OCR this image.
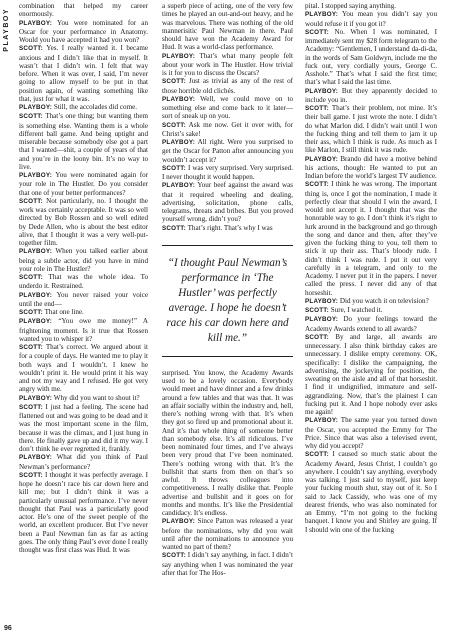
PLAYBOY
96

combination that helped my career enormously.

PLAYBOY: You were nominated for an Oscar for your performance in Anatomy. Would you have accepted it had you won?

SCOTT: Yes. I really wanted it. I became anxious and I didn’t like that in myself. It wasn’t that I didn’t win. I felt that way before. When it was over, I said, I’m never going to allow myself to be put in that position again, of wanting something like that, just for what it was.

PLAYBOY: Still, the accolades did come.

SCOTT: That’s one thing; but wanting them is something else. Wanting them is a whole different ball game. And being uptight and miserable because somebody else got a part that I wanted—shit, a couple of years of that and you’re in the loony bin. It’s no way to live.

PLAYBOY: You were nominated again for your role in The Hustler. Do you consider that one of your better performances?

SCOTT: Not particularly, no. I thought the work was certainly acceptable. It was so well directed by Bob Rossen and so well edited by Dede Allen, who is about the best editor alive, that I thought it was a very well-put-together film.

PLAYBOY: When you talked earlier about being a subtle actor, did you have in mind your role in The Hustler?

SCOTT: That was the whole idea. To underdo it. Restrained.

PLAYBOY: You never raised your voice until the end—

SCOTT: That one line.

PLAYBOY: “You owe me money!” A frightening moment. Is it true that Rossen wanted you to whisper it?

SCOTT: That’s correct. We argued about it for a couple of days. He wanted me to play it both ways and I wouldn’t. I knew he wouldn’t print it. He would print it his way and not my way and I refused. He got very angry with me.

PLAYBOY: Why did you want to shout it?

SCOTT: I just had a feeling. The scene had flattened out and was going to be dead and it was the most important scene in the film, because it was the climax, and I just hung in there. He finally gave up and did it my way. I don’t think he ever regretted it, frankly.

PLAYBOY: What did you think of Paul Newman’s performance?

SCOTT: I thought it was perfectly average. I hope he doesn’t race his car down here and kill me; but I didn’t think it was a particularly unusual performance. I’ve never thought that Paul was a particularly good actor. He’s one of the sweet people of the world, an excellent producer. But I’ve never been a Paul Newman fan as far as acting goes. The only thing Paul’s ever done I really thought was first class was Hud. It was

a superb piece of acting, one of the very few times he played an out-and-out heavy, and he was marvelous. There was nothing of the old mannerisitic Paul Newman in there. Paul should have won the Academy Award for Hud. It was a world-class performance.

PLAYBOY: That’s what many people felt about your work in The Hustler. How trivial is it for you to discuss the Oscars?

SCOTT: Just as trivial as any of the rest of those horrible old clichés.

PLAYBOY: Well, we could move on to something else and come back to it later—sort of sneak up on you.

SCOTT: Ask me now. Get it over with, for Christ’s sake!

PLAYBOY: All right. Were you surprised to get the Oscar for Patton after announcing you wouldn’t accept it?

SCOTT: I was very surprised. Very surprised. I never thought it would happen.

PLAYBOY: Your beef against the award was that it required wheeling and dealing, advertising, solicitation, phone calls, telegrams, threats and bribes. But you proved yourself wrong, didn’t you?

SCOTT: That’s right. That’s why I was

“I thought Paul Newman’s performance in ‘The Hustler’ was perfectly average. I hope he doesn’t race his car down here and kill me.”

surprised. You know, the Academy Awards used to be a lovely occasion. Everybody would meet and have dinner and a few drinks around a few tables and that was that. It was an affair socially within the industry and, hell, there’s nothing wrong with that. It’s when they got so fired up and promotional about it. And it’s that whole thing of someone better than somebody else. It’s all ridiculous. I’ve been nominated four times, and I’ve always been very proud that I’ve been nominated. There’s nothing wrong with that. It’s the bullshit that starts from then on that’s so awful. It throws colleagues into competitiveness. I really dislike that. People advertise and bullshit and it goes on for months and months. It’s like the Presidential candidacy. It’s endless.

PLAYBOY: Since Patton was released a year before the nominations, why did you wait until after the nominations to announce you wanted no part of them?

SCOTT: I didn’t say anything, in fact. I didn’t say anything when I was nominated the year after that for The Hos-

pital. I stopped saying anything.

PLAYBOY: You mean you didn’t say you would refuse it if you got it?

SCOTT: No. When I was nominated, I immediately sent my $28 form telegram to the Academy: “Gentlemen, I understand da-di-da, in the words of Sam Goldwyn, include me the fuck out, very cordially yours, George C. Asshole.” That’s what I said the first time; that’s what I said the last time.

PLAYBOY: But they apparently decided to include you in.

SCOTT: That’s their problem, not mine. It’s their ball game. I just wrote the note. I didn’t do what Marlon did. I didn’t wait until I won the fucking thing and tell them to jam it up their ass, which I think is rude. As much as I like Marlon, I still think it was rude.

PLAYBOY: Brando did have a motive behind his actions, though: He wanted to put an Indian before the world’s largest TV audience.

SCOTT: I think he was wrong. The important thing is, once I got the nomination, I made it perfectly clear that should I win the award, I would not accept it. I thought that was the honorable way to go. I don’t think it’s right to lurk around in the background and go through the song and dance and then, after they’ve given the fucking thing to you, tell them to stick it up their ass. That’s bloody rude. I didn’t think I was rude. I put it out very carefully in a telegram, and only to the Academy. I never put it in the papers. I never called the press. I never did any of that horseshit.

PLAYBOY: Did you watch it on television?

SCOTT: Sure, I watched it.

PLAYBOY: Do your feelings toward the Academy Awards extend to all awards?

SCOTT: By and large, all awards are unnecessary. I also think birthday cakes are unnecessary. I dislike empty ceremony. OK, specifically: I dislike the campaigning, the advertising, the jockeying for position, the sweating on the aisle and all of that horseshit. I find it undignified, immature and self-aggrandizing. Now, that’s the plainest I can fucking put it. And I hope nobody ever asks me again!

PLAYBOY: The same year you turned down the Oscar, you accepted the Emmy for The Price. Since that was also a televised event, why did you accept?

SCOTT: I caused so much static about the Academy Award, Jesus Christ, I couldn’t go anywhere. I couldn’t say anything, everybody was talking. I just said to myself, just keep your fucking mouth shut, stay out of it. So I said to Jack Cassidy, who was one of my dearest friends, who was also nominated for an Emmy, “I’m not going to the fucking banquet. I know you and Shirley are going. If I should win one of the fucking
